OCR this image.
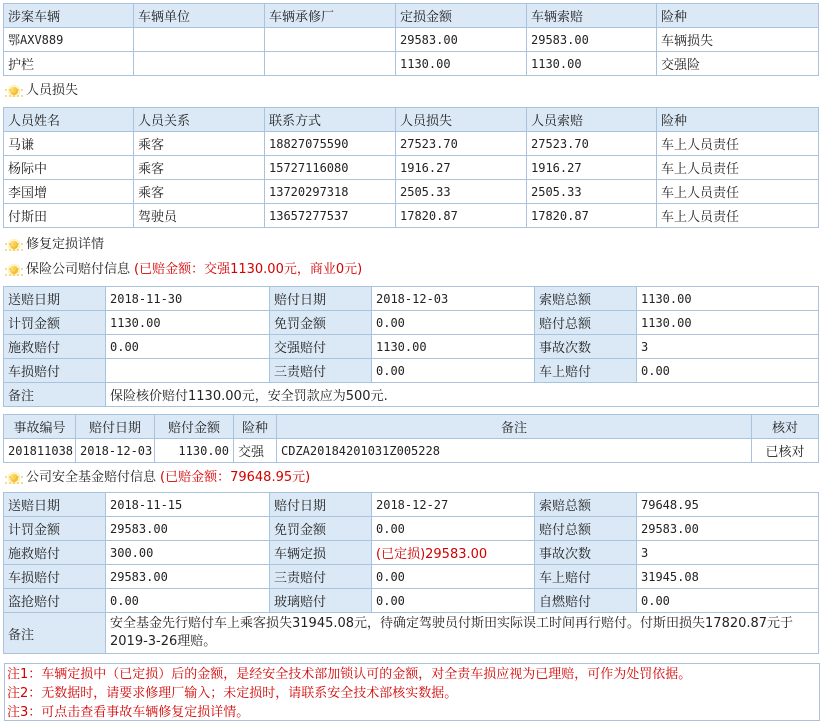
涉案车辆	车辆单位	车辆承修厂	定损金额	车辆索赔	险种
鄂AXV889			29583.00	29583.00	车辆损失
护栏			1130.00	1130.00	交强险
人员损失
人员姓名	人员关系	联系方式	人员损失	人员索赔	险种
马谦	乘客	18827075590	27523.70	27523.70	车上人员责任
杨际中	乘客	15727116080	1916.27	1916.27	车上人员责任
李国增	乘客	13720297318	2505.33	2505.33	车上人员责任
付斯田	驾驶员	13657277537	17820.87	17820.87	车上人员责任
修复定损详情
保险公司赔付信息 (已赔金额：交强1130.00元，商业0元)
送赔日期	2018-11-30	赔付日期	2018-12-03	索赔总额	1130.00
计罚金额	1130.00	免罚金额	0.00	赔付总额	1130.00
施救赔付	0.00	交强赔付	1130.00	事故次数	3
车损赔付		三责赔付	0.00	车上赔付	0.00
备注	保险核价赔付1130.00元，安全罚款应为500元.				
事故编号	赔付日期	赔付金额	险种	备注	核对
201811038	2018-12-03	1130.00	交强	CDZA20184201031Z005228	已核对
公司安全基金赔付信息 (已赔金额：79648.95元)
送赔日期	2018-11-15	赔付日期	2018-12-27	索赔总额	79648.95
计罚金额	29583.00	免罚金额	0.00	赔付总额	29583.00
施救赔付	300.00	车辆定损	(已定损)29583.00	事故次数	3
车损赔付	29583.00	三责赔付	0.00	车上赔付	31945.08
盗抢赔付	0.00	玻璃赔付	0.00	自燃赔付	0.00
备注	安全基金先行赔付车上乘客损失31945.08元，待确定驾驶员付斯田实际误工时间再行赔付。付斯田损失17820.87元于2019-3-26理赔。				
注1：车辆定损中（已定损）后的金额，是经安全技术部加锁认可的金额，对全责车损应视为已理赔，可作为处罚依据。
注2：无数据时，请要求修理厂输入；未定损时，请联系安全技术部核实数据。
注3：可点击查看事故车辆修复定损详情。
